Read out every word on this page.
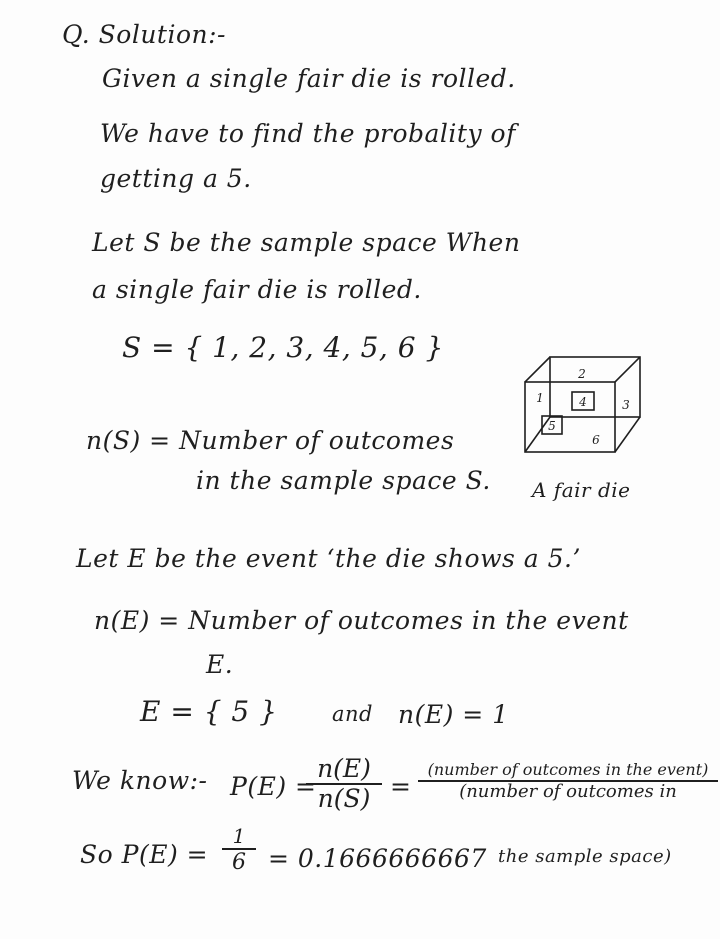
Q. Solution:-
Given a single fair die is rolled.
We have to find the probality of
getting a 5.
Let S be the sample space When
a single fair die is rolled.
S = { 1, 2, 3, 4, 5, 6 }
n(S) = Number of outcomes
in the sample space S.
2
1	4	3
5
6
A fair die
Let E be the event ‘the die shows a 5.’
n(E) = Number of outcomes in the event
E.
E = { 5 }	and n(E) = 1
We know:- P(E) =
n(E)
n(S) =
(number of outcomes in the event)
(number of outcomes in
the sample space)
So P(E) =
1
6 = 0.1666666667
